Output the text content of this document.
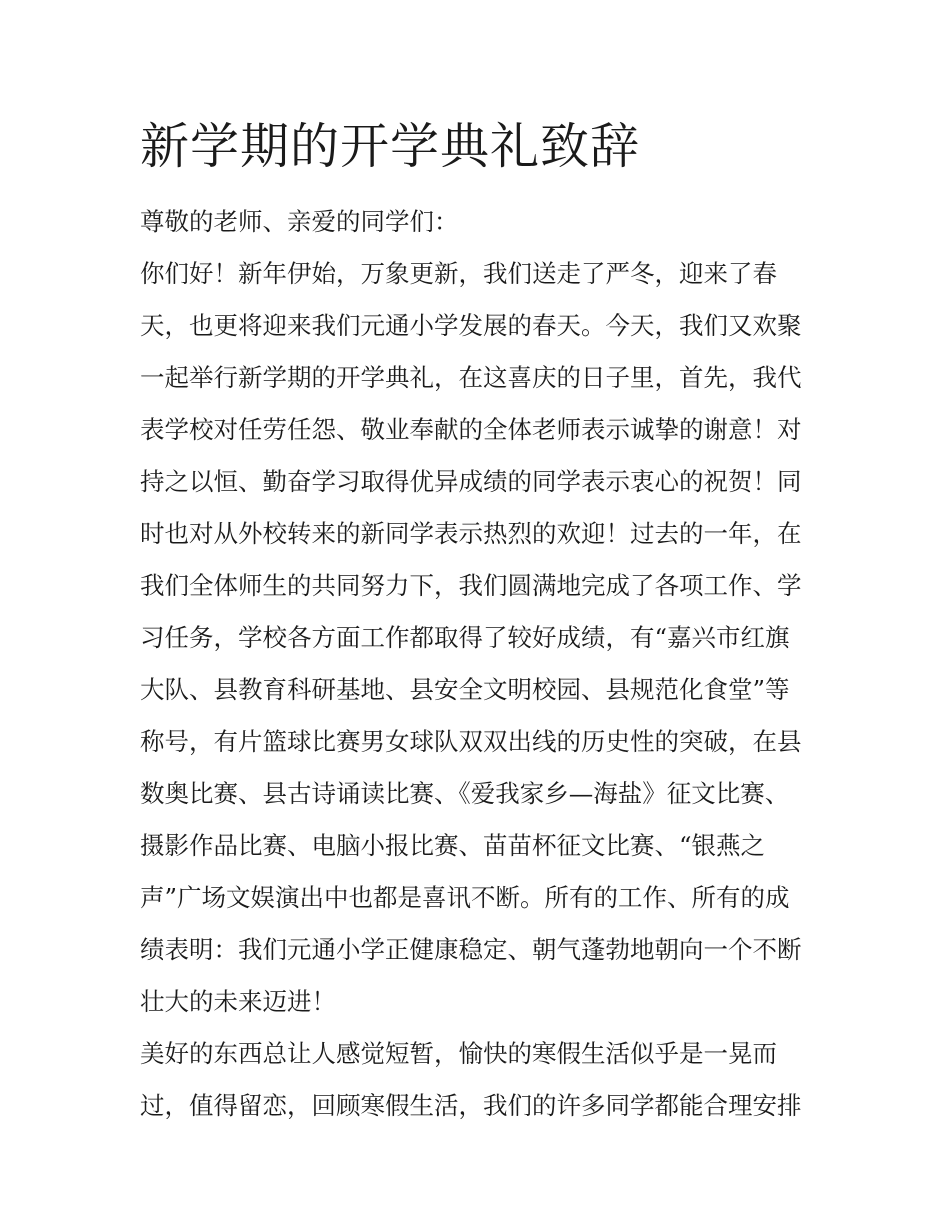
新学期的开学典礼致辞

尊敬的老师、亲爱的同学们：

你们好！新年伊始，万象更新，我们送走了严冬，迎来了春

天，也更将迎来我们元通小学发展的春天。今天，我们又欢聚

一起举行新学期的开学典礼，在这喜庆的日子里，首先，我代

表学校对任劳任怨、敬业奉献的全体老师表示诚挚的谢意！对

持之以恒、勤奋学习取得优异成绩的同学表示衷心的祝贺！同

时也对从外校转来的新同学表示热烈的欢迎！过去的一年，在

我们全体师生的共同努力下，我们圆满地完成了各项工作、学

习任务，学校各方面工作都取得了较好成绩，有“嘉兴市红旗

大队、县教育科研基地、县安全文明校园、县规范化食堂”等

称号，有片篮球比赛男女球队双双出线的历史性的突破，在县

数奥比赛、县古诗诵读比赛、《爱我家乡—海盐》征文比赛、

摄影作品比赛、电脑小报比赛、苗苗杯征文比赛、“银燕之

声”广场文娱演出中也都是喜讯不断。所有的工作、所有的成

绩表明：我们元通小学正健康稳定、朝气蓬勃地朝向一个不断

壮大的未来迈进！

美好的东西总让人感觉短暂，愉快的寒假生活似乎是一晃而

过，值得留恋，回顾寒假生活，我们的许多同学都能合理安排
